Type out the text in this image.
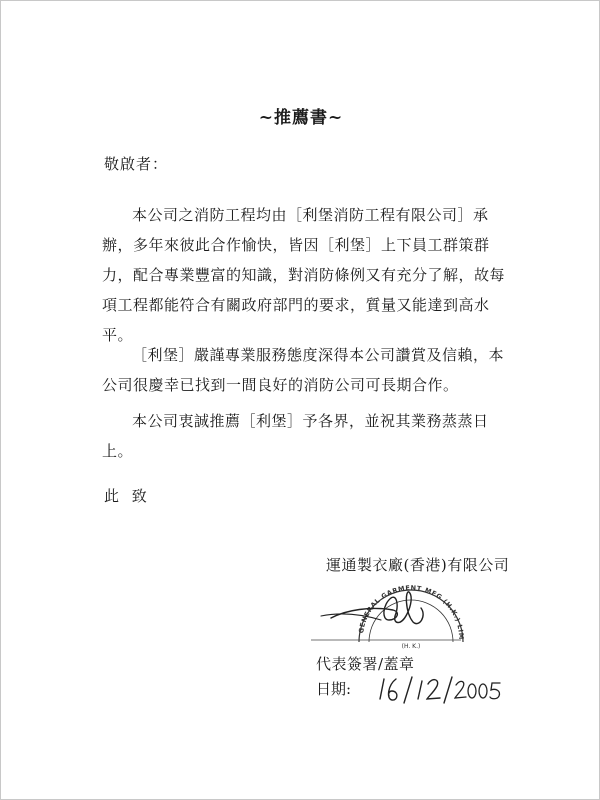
~推薦書~
敬啟者：
本公司之消防工程均由［利堡消防工程有限公司］承
辦，多年來彼此合作愉快，皆因［利堡］上下員工群策群
力，配合專業豐富的知識，對消防條例又有充分了解，故每
項工程都能符合有關政府部門的要求，質量又能達到高水
平。
［利堡］嚴謹專業服務態度深得本公司讚賞及信賴，本
公司很慶幸已找到一間良好的消防公司可長期合作。
本公司衷誠推薦［利堡］予各界，並祝其業務蒸蒸日
上。
此 致
運通製衣廠(香港)有限公司
GENERAL GARMENT MFG (H.K.) LIM
(H. K.)
代表簽署/蓋章
日期:
